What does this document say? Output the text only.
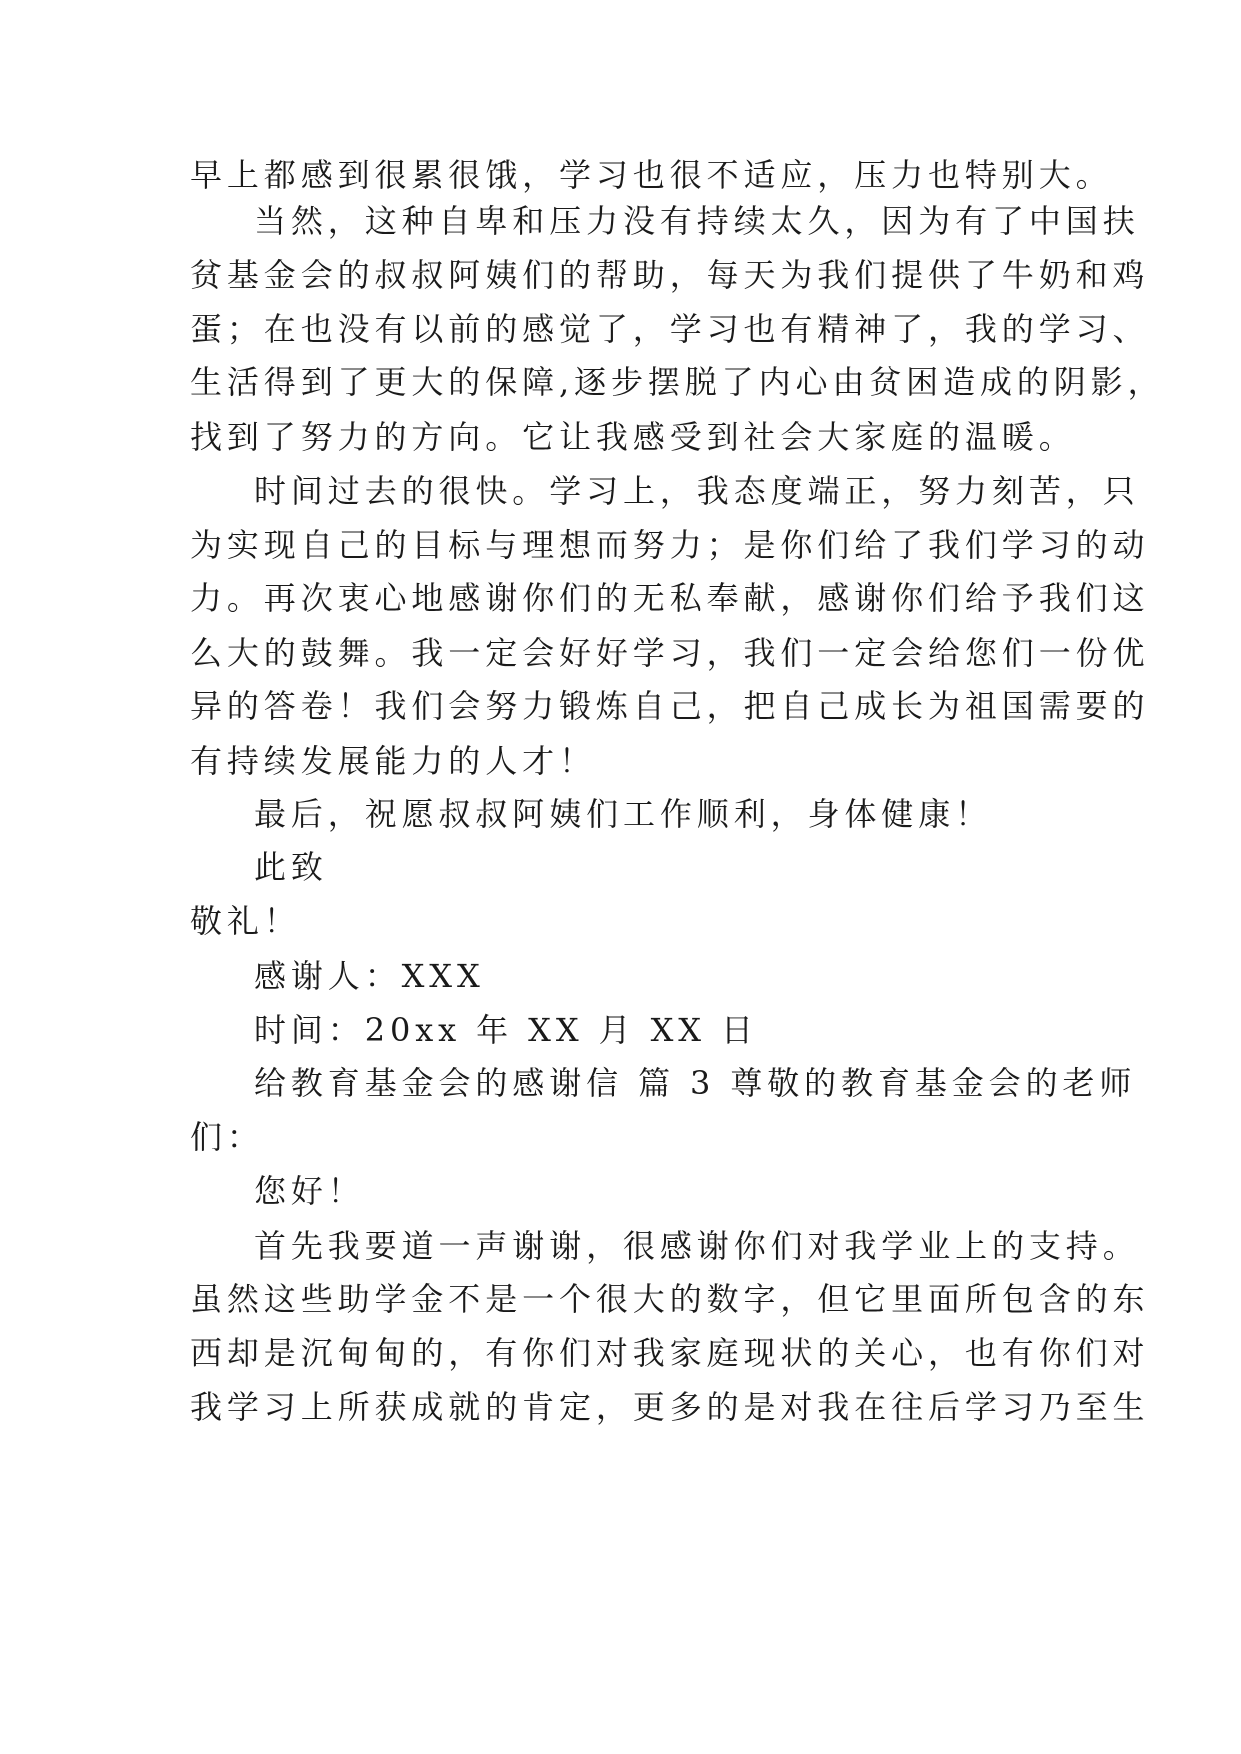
早上都感到很累很饿，学习也很不适应，压力也特别大。
当然，这种自卑和压力没有持续太久，因为有了中国扶
贫基金会的叔叔阿姨们的帮助，每天为我们提供了牛奶和鸡
蛋；在也没有以前的感觉了，学习也有精神了，我的学习、
生活得到了更大的保障,逐步摆脱了内心由贫困造成的阴影，
找到了努力的方向。它让我感受到社会大家庭的温暖。
时间过去的很快。学习上，我态度端正，努力刻苦，只
为实现自己的目标与理想而努力；是你们给了我们学习的动
力。再次衷心地感谢你们的无私奉献，感谢你们给予我们这
么大的鼓舞。我一定会好好学习，我们一定会给您们一份优
异的答卷！我们会努力锻炼自己，把自己成长为祖国需要的
有持续发展能力的人才！
最后，祝愿叔叔阿姨们工作顺利，身体健康！
此致
敬礼！
感谢人：XXX
时间：20xx 年 XX 月 XX 日
给教育基金会的感谢信 篇 3 尊敬的教育基金会的老师
们：
您好！
首先我要道一声谢谢，很感谢你们对我学业上的支持。
虽然这些助学金不是一个很大的数字，但它里面所包含的东
西却是沉甸甸的，有你们对我家庭现状的关心，也有你们对
我学习上所获成就的肯定，更多的是对我在往后学习乃至生
